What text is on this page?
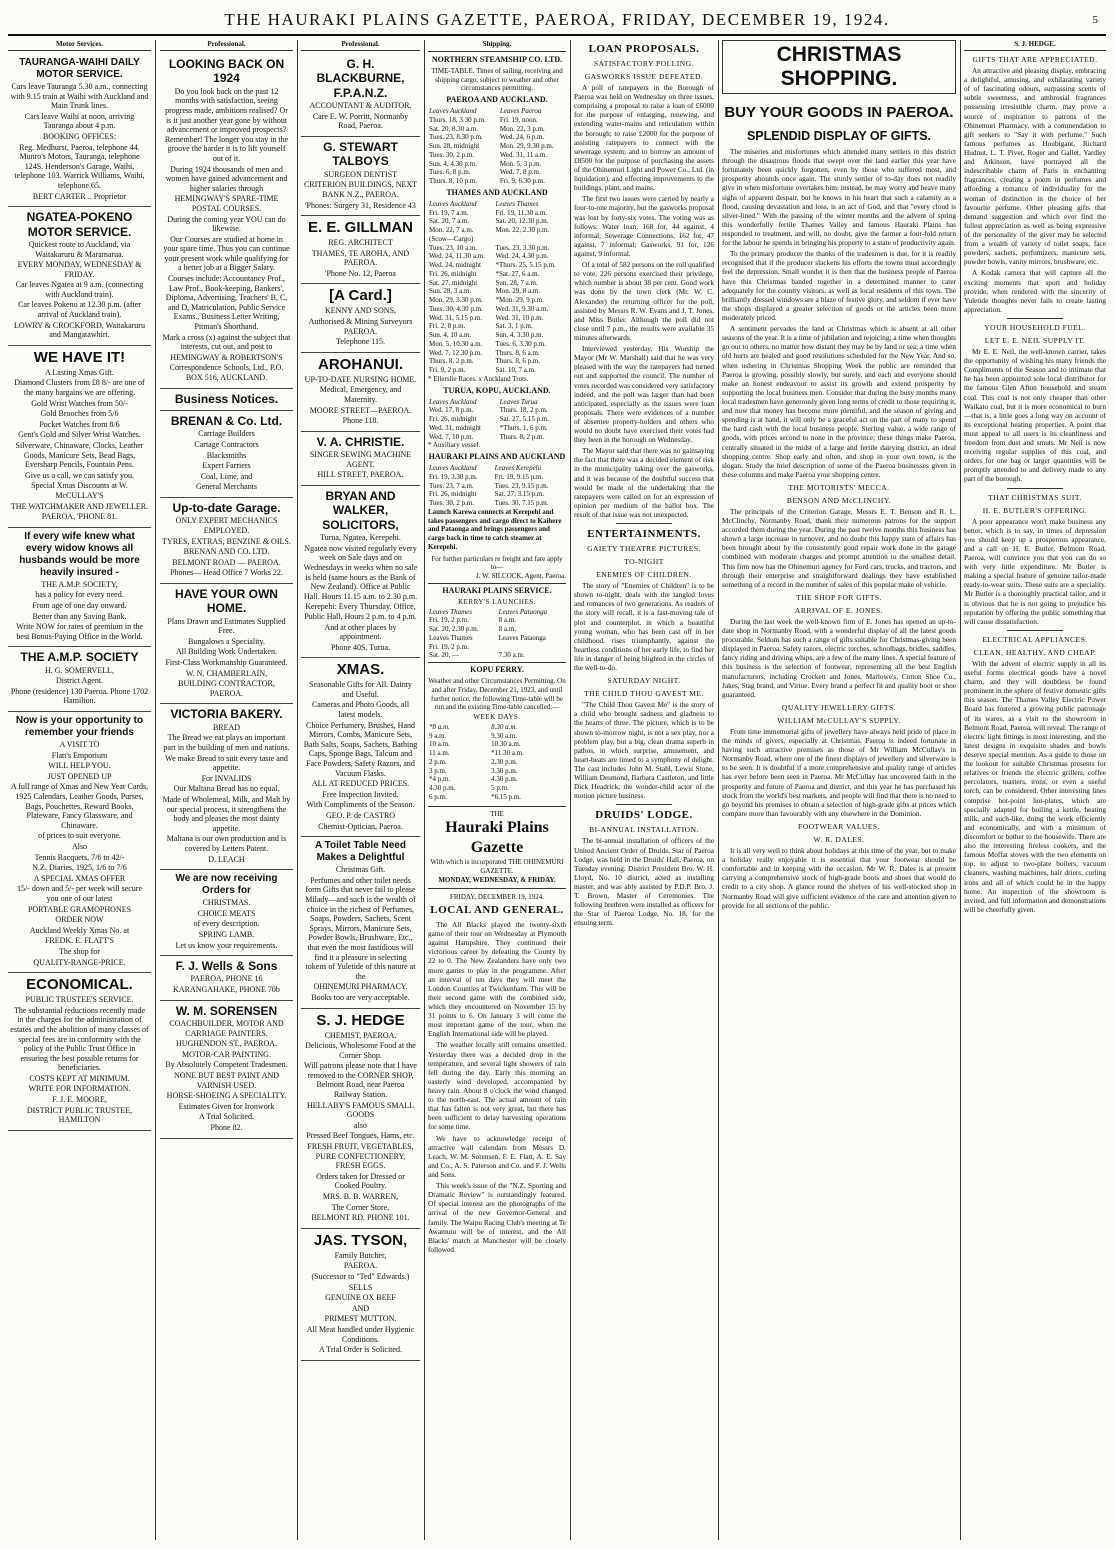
THE HAURAKI PLAINS GAZETTE, PAEROA, FRIDAY, DECEMBER 19, 1924.	5
Motor Services.
TAURANGA-WAIHI DAILY MOTOR SERVICE.

Cars leave Tauranga 5.30 a.m., connecting with 9.15 train at Waihi with Auckland and Main Trunk lines.

Cars leave Waihi at noon, arriving Tauranga about 4 p.m.

BOOKING OFFICES:

Reg. Medhurst, Paeroa, telephone 44. Munro's Motors, Tauranga, telephone 124S. Henderson's Garage, Waihi, telephone 103. Warrick Williams, Waihi, telephone 65.

BERT CARTER .. Proprietor

NGATEA-POKENO MOTOR SERVICE.

Quickest route to Auckland, via Waitakaruru & Maramarua.

EVERY MONDAY, WEDNESDAY & FRIDAY.

Car leaves Ngatea at 9 a.m. (connecting with Auckland train).

Car leaves Pokeno at 12.30 p.m. (after arrival of Auckland train).

LOWRY & CROCKFORD, Waitakaruru and Mangatawhiri.

WE HAVE IT!

A Lasting Xmas Gift.

Diamond Clusters from £8 8/- are one of the many bargains we are offering.

Gold Wrist Watches from 50/-

Gold Brooches from 5/6

Pocket Watches from 8/6

Gent's Gold and Silver Wrist Watches.

Silverware, Chinaware, Clocks, Leather Goods, Manicure Sets, Bead Bags, Eversharp Pencils, Fountain Pens.

Give us a call, we can satisfy you.

Special Xmas Discounts at W. McCULLAY'S

THE WATCHMAKER AND JEWELLER.

PAEROA, 'PHONE 81.

If every wife knew what every widow knows all husbands would be more heavily insured -

THE A.M.P. SOCIETY,

has a policy for every need.

From age of one day onward.

Better than any Saving Bank.

Write NOW for rates of premium in the best Bonus-Paying Office in the World.

THE A.M.P. SOCIETY

H. G. SOMERVELL,

District Agent.

Phone (residence) 130 Paeroa. Phone 1702 Hamilton.

Now is your opportunity to remember your friends

A VISIT TO

Flatt's Emporium

WILL HELP YOU.

JUST OPENED UP

A full range of Xmas and New Year Cards, 1925 Calendars, Leather Goods, Purses, Bags, Pouchettes, Reward Books, Plateware, Fancy Glassware, and Chinaware.

of prices to suit everyone.

Also

Tennis Racquets, 7/6 to 42/-

N.Z. Diaries, 1925, 1/6 to 7/6

A SPECIAL XMAS OFFER

15/- down and 5/- per week will secure you one of our latest

PORTABLE GRAMOPHONES

ORDER NOW

Auckland Weekly Xmas No. at

FREDK. E. FLATT'S

The shop for

QUALITY-RANGE-PRICE.

ECONOMICAL.

PUBLIC TRUSTEE'S SERVICE.

The substantial reductions recently made in the charges for the administration of estates and the abolition of many classes of special fees are in conformity with the policy of the Public Trust Office in ensuring the best possible returns for beneficiaries.

COSTS KEPT AT MINIMUM.

WRITE FOR INFORMATION.

F. J. E. MOORE,

DISTRICT PUBLIC TRUSTEE, HAMILTON

Professional.
LOOKING BACK ON 1924

Do you look back on the past 12 months with satisfaction, seeing progress made, ambitions realised? Or is it just another year gone by without advancement or improved prospects? Remember! The longer you stay in the groove the harder it is to lift yourself out of it.

During 1924 thousands of men and women have gained advancement and higher salaries through

HEMINGWAY'S SPARE-TIME POSTAL COURSES.

During the coming year YOU can do likewise.

Our Courses are studied at home in your spare time. Thus you can continue your present work while qualifying for a better job at a Bigger Salary.

Courses include: Accountancy Prof., Law Prof., Book-keeping, Bankers', Diploma, Advertising, Teachers' B, C, and D, Matriculation, Public Service Exams., Business Letter Writing, Pitman's Shorthand.

Mark a cross (x) against the subject that interests, cut out, and post to

HEMINGWAY & ROBERTSON'S

Correspondence Schools, Ltd., P.O. BOX 516, AUCKLAND.

Business Notices.
BRENAN & Co. Ltd.

Carriage Builders

Cartage Contractors

Blacksmiths

Expert Farriers

Coal, Lime, and

General Merchants

Up-to-date Garage.

ONLY EXPERT MECHANICS EMPLOYED.

TYRES, EXTRAS, BENZINE & OILS.

BRENAN AND CO. LTD.

BELMONT ROAD — PAEROA.

Phones— Head Office 7 Works 22.

HAVE YOUR OWN HOME.

Plans Drawn and Estimates Supplied Free.

Bungalows a Speciality.

All Building Work Undertaken.

First-Class Workmanship Guaranteed.

W. N. CHAMBERLAIN,

BUILDING CONTRACTOR, PAEROA.

VICTORIA BAKERY.

BREAD

The Bread we eat plays an important part in the building of men and nations.

We make Bread to suit every taste and appetite.

For INVALIDS

Our Maltana Bread has no equal.

Made of Wholemeal, Milk, and Malt by our special process, it strengthens the body and pleases the most dainty appetite.

Maltana is our own production and is covered by Letters Patent.

D. LEACH

We are now receiving Orders for

CHRISTMAS.

CHOICE MEATS

of every description.

SPRING LAMB.

Let us know your requirements.

F. J. Wells & Sons

PAEROA, PHONE 16

KARANGAHAKE, PHONE 70b

W. M. SORENSEN

COACHBUILDER, MOTOR AND CARRIAGE PAINTERS.

HUGHENDON ST., PAEROA.

MOTOR-CAR PAINTING.

By Absolutely Competent Tradesmen.

NONE BUT BEST PAINT AND VARNISH USED.

HORSE-SHOEING A SPECIALITY.

Estimates Given for Ironwork

A Trial Solicited.

Phone 82.

Professional.
G. H. BLACKBURNE, F.P.A.N.Z.

ACCOUNTANT & AUDITOR.

Care E. W. Porritt, Normanby Road, Paeroa.

G. STEWART TALBOYS

SURGEON DENTIST

CRITERION BUILDINGS, NEXT BANK N.Z., PAEROA.

'Phones: Surgery 31, Residence 43

E. E. GILLMAN

REG. ARCHITECT

THAMES, TE AROHA, AND PAEROA.

'Phone No. 12, Paeroa

[A Card.]

KENNY AND SONS,

Authorised & Mining Surveyors PAEROA.

Telephone 115.

AROHANUI.

UP-TO-DATE NURSING HOME.

Medical, Emergency, and Maternity.

MOORE STREET—PAEROA.

Phone 118.

V. A. CHRISTIE.

SINGER SEWING MACHINE AGENT.

HILL STREET, PAEROA.

BRYAN AND WALKER, SOLICITORS,

Turua, Ngatea, Kerepehi.

Ngatea now visited regularly every week on Sale days and on Wednesdays in weeks when no sale is held (same hours as the Bank of New Zealand). Office at Public Hall. Hours 11.15 a.m. to 2.30 p.m.

Kerepehi: Every Thursday. Office, Public Hall, Hours 2 p.m. to 4 p.m.

And at other places by appointment.

Phone 40S, Turua.

XMAS.

Seasonable Gifts for All. Dainty and Useful.

Cameras and Photo Goods, all latest models.

Choice Perfumery, Brushes, Hand Mirrors, Combs, Manicure Sets, Bath Salts, Soaps, Sachets, Bathing Caps, Sponge Bags, Talcum and Face Powders, Safety Razors, and Vacuum Flasks.

ALL AT REDUCED PRICES.

Free Inspection Invited.

With Compliments of the Season.

GEO. P. de CASTRO

Chemist-Optician, Paeroa.

A Toilet Table Need Makes a Delightful

Christmas Gift.

Perfumes and other toilet needs form Gifts that never fail to please Milady—and such is the wealth of choice in the richest of Perfumes, Soaps, Powders, Sachets, Scent Sprays, Mirrors, Manicure Sets, Powder Bowls, Brushware, Etc., that even the most fastidious will find it a pleasure in selecting tokens of Yuletide of this nature at the

OHINEMURI PHARMACY.

Books too are very acceptable.

S. J. HEDGE

CHEMIST, PAEROA.

Delicious, Wholesome Food at the Corner Shop.

Will patrons please note that I have removed to the CORNER SHOP, Belmont Road, near Paeroa Railway Station.

HELLABY'S FAMOUS SMALL GOODS

also

Pressed Beef Tongues, Hams, etc.

FRESH FRUIT, VEGETABLES, PURE CONFECTIONERY, FRESH EGGS.

Orders taken for Dressed or Cooked Poultry.

MRS. B. B. WARREN,

The Corner Store,

BELMONT RD. PHONE 101.

JAS. TYSON,

Family Butcher,

PAEROA.

(Successor to "Ted" Edwards.)

SELLS

GENUINE OX BEEF

AND

PRIMEST MUTTON.

All Meat handled under Hygienic Conditions.

A Trial Order is Solicited.

Shipping.
NORTHERN STEAMSHIP CO. LTD.
TIME-TABLE. Times of sailing, receiving and shipping cargo, subject to weather and other circumstances permitting.
PAEROA AND AUCKLAND.
Leaves Auckland	Leaves Paeroa
Thurs. 18, 3.30 p.m.	Fri. 19, noon.
Sat. 20, 8.30 a.m.	Mon. 22, 3 p.m.
Tues. 23, 8.30 p.m.	Wed. 24, 6 p.m.
Sun. 28, midnight	Mon. 29, 9.30 p.m.
Tues. 30, 2 p.m.	Wed. 31, 11 a.m.
Sun. 4, 4.30 p.m.	Mon. 5, 3 p.m.
Tues. 6, 8 p.m.	Wed. 7, 8 p.m.
Thurs. 8, 10 p.m.	Fri. 9, 6.30 p.m.
THAMES AND AUCKLAND
Leaves Auckland	Leaves Thames
Fri. 19, 7 a.m.	Fri. 19, 11.30 a.m.
Sat. 20, 7 a.m.	Sat. 20, 12.30 p.m.
Mon. 22, 7 a.m.	Mon. 22, 2.30 p.m.
(Scow—Cargo)	
Tues. 23, 10 a.m.	Tues. 23, 3.30 p.m.
Wed. 24, 11.30 a.m.	Wed. 24, 4.30 p.m.
Wed. 24, midnight	*Thurs. 25, 5.15 p.m.
Fri. 26, midnight	*Sat. 27, 6 a.m.
Sat. 27, midnight	Sun. 28, 7 a.m.
Sun. 28, 3 a.m.	Mon. 29, 8 a.m.
Mon. 29, 3.30 p.m.	*Mon. 29, 9 p.m.
Tues. 30, 4.30 p.m.	Wed. 31, 9.30 a.m.
Wed. 31, 5.15 p.m.	Wed. 31, 10 p.m.
Fri. 2, 8 p.m.	Sat. 3, 1 p.m.
Sun. 4, 10 a.m.	Sun. 4, 3.30 p.m.
Mon. 5, 10.30 a.m.	Tues. 6, 3.30 p.m.
Wed. 7, 12.30 p.m.	Thurs. 8, 6 a.m.
Thurs. 8, 2 p.m.	Thurs. 8, 6 p.m.
Fri. 9, 2 p.m.	Sat. 10, 7 a.m.
* Ellerslie Races. x Auckland Trots.
TURUA, KOPU, AUCKLAND.
Leaves Auckland	Leaves Turua
Wed. 17, 8 p.m.	Thurs. 18, 2 p.m.
Fri. 26, midnight	Sat. 27, 5.15 p.m.
Wed. 31, midnight	*Thurs. 1, 6 p.m.
Wed. 7, 10 p.m.	Thurs. 8, 2 p.m.
* Auxiliary vessel.
HAURAKI PLAINS AND AUCKLAND
Leaves Auckland	Leaves Kerepehi
Fri. 19, 3.30 p.m.	Fri. 19, 9.15 p.m.
Tues. 23, 7 a.m.	Tues. 23, 9.15 p.m.
Fri. 26, midnight	Sat. 27, 3.15 p.m.
Tues. 30, 2 p.m.	Tues. 30, 7.15 p.m.
Launch Karewa connects at Kerepehi and takes passengers and cargo direct to Kaihere and Pataonga and brings passengers and cargo back in time to catch steamer at Kerepehi.
For further particulars re freight and fare apply to—
J. W. SILCOCK, Agent, Paeroa.
HAURAKI PLAINS SERVICE.
KERRY'S LAUNCHES.
Leaves Thames	Leaves Pataonga
Fri. 19, 2 p.m.	8 a.m.
Sat. 20, 2.30 p.m.	8 a.m.
Leaves Thames	Leaves Pataonga
Fri. 19, 2 p.m.	
Sat. 20, —	7.30 a.m.
KOPU FERRY.
Weather and other Circumstances Permitting. On and after Friday, December 21, 1923, and until further notice, the following Time-table will be run and the existing Time-table cancelled:—
WEEK DAYS.
*8 a.m.	8.30 a.m.
9 a.m.	9.30 a.m.
10 a.m.	10.30 a.m.
11 a.m.	*11.30 a.m.
2 p.m.	2.30 p.m.
3 p.m.	3.30 p.m.
*4 p.m.	4.30 p.m.
4.30 p.m.	5 p.m.
6 p.m.	*6.15 p.m.
THE
Hauraki Plains Gazette
With which is incorporated THE OHINEMURI GAZETTE.
MONDAY, WEDNESDAY, & FRIDAY.
FRIDAY, DECEMBER 19, 1924.
LOCAL AND GENERAL.

The All Blacks played the twenty-sixth game of their tour on Wednesday at Plymouth against Hampshire. They continued their victorious career by defeating the County by 22 to 0. The New Zealanders have only two more games to play in the programme. After an interval of ten days they will meet the London Counties at Twickenham. This will be their second game with the combined side, which they encountered on November 15 by 31 points to 6. On January 3 will come the most important game of the tour, when the English International side will be played.

The weather locally still remains unsettled. Yesterday there was a decided drop in the temperature, and several light showers of rain fell during the day. Early this morning an easterly wind developed, accompanied by heavy rain. About 8 o'clock the wind changed to the north-east. The actual amount of rain that has fallen is not very great, but there has been sufficient to delay harvesting operations for some time.

We have to acknowledge receipt of attractive wall calendars from Messrs D. Leach, W. M. Sorensen, F. E. Flatt, A. E. Say and Co., A. S. Paterson and Co. and F. J. Wells and Sons.

This week's issue of the "N.Z. Sporting and Dramatic Review" is outstandingly featured. Of special interest are the photographs of the arrival of the new Governor-General and family. The Waipu Racing Club's meeting at Te Awamutu will be of interest, and the All Blacks' match at Manchester will be closely followed.

LOAN PROPOSALS.
SATISFACTORY POLLING.
GASWORKS ISSUE DEFEATED.

A poll of ratepayers in the Borough of Paeroa was held on Wednesday on three issues, comprising a proposal to raise a loan of £6000 for the purpose of enlarging, renewing, and extending water-mains and reticulation within the borough; to raise £2000 for the purpose of assisting ratepayers to connect with the sewerage system; and to borrow an amount of £8500 for the purpose of purchasing the assets of the Ohinemuri Light and Power Co., Ltd. (in liquidation), and effecting improvements to the buildings, plant, and mains.

The first two issues were carried by nearly a four-to-one majority, but the gasworks proposal was lost by forty-six votes. The voting was as follows: Water loan, 168 for, 44 against, 4 informal; Sewerage Connections, 162 for, 47 against, 7 informal; Gasworks, 91 for, 126 against, 9 informal.

Of a total of 582 persons on the roll qualified to vote, 226 persons exercised their privilege, which number is about 38 per cent. Good work was done by the town clerk (Mr. W. C. Alexander) the returning officer for the poll, assisted by Messrs R. W. Evans and J. T. Jones, and Miss Butler. Although the poll did not close until 7 p.m., the results were available 35 minutes afterwards.

Interviewed yesterday, His Worship the Mayor (Mr W. Marshall) said that he was very pleased with the way the ratepayers had turned out and supported the council. The number of votes recorded was considered very satisfactory indeed, and the poll was larger than had been anticipated, especially as the issues were loan proposals. There were evidences of a number of absentee property-holders and others who would no doubt have exercised their votes had they been in the borough on Wednesday.

The Mayor said that there was no gainsaying the fact that there was a decided element of risk in the municipality taking over the gasworks, and it was because of the doubtful success that would be made of the undertaking that the ratepayers were called on for an expression of opinion per medium of the ballot box. The result of that issue was not unexpected.

ENTERTAINMENTS.
GAIETY THEATRE PICTURES.
TO-NIGHT
ENEMIES OF CHILDREN.

The story of "Enemies of Children" is to be shown to-night, deals with the tangled loves and romances of two generations. As readers of the story will recall, it is a fast-moving tale of plot and counterplot, in which a beautiful young woman, who has been cast off in her childhood, rises triumphantly, against the heartless conditions of her early life, to find her life in danger of being blighted in the circles of the well-to-do.

SATURDAY NIGHT.
THE CHILD THOU GAVEST ME.

"The Child Thou Gavest Me" is the story of a child who brought sadness and gladness to the hearts of three. The picture, which is to be shown to-morrow night, is not a sex play, nor a problem play, but a big, clean drama superb in pathos, in which surprise, amusement, and heart-beats are timed to a symphony of delight. The cast includes John M. Stahl, Lewis Stone, William Desmond, Barbara Castleton, and little Dick Headrick, the wonder-child actor of the motion picture business.

DRUIDS' LODGE.
BI-ANNUAL INSTALLATION.

The bi-annual installation of officers of the United Ancient Order of Druids, Star of Paeroa Lodge, was held in the Druids' Hall, Paeroa, on Tuesday evening. District President Bro. W. H. Lloyd, No. 10 district, acted as installing master, and was ably assisted by P.D.P. Bro. J. T. Brown, Master of Ceremonies. The following brethren were installed as officers for the Star of Paeroa Lodge, No. 18, for the ensuing term.

CHRISTMAS SHOPPING.
BUY YOUR GOODS IN PAEROA.
SPLENDID DISPLAY OF GIFTS.

The miseries and misfortunes which attended many settlers in this district through the disastrous floods that swept over the land earlier this year have fortunately been quickly forgotten, even by those who suffered most, and prosperity abounds once again. The sturdy settler of to-day does not readily give in when misfortune overtakes him: instead, he may worry and heave many sighs of apparent despair, but he knows in his heart that such a calamity as a flood, causing devastation and loss, is an act of God, and that "every cloud is silver-lined." With the passing of the winter months and the advent of spring this wonderfully fertile Thames Valley and famous Hauraki Plains has responded to treatment, and will, no doubt, give the farmer a four-fold return for the labour he spends in bringing his property to a state of productivity again.

To the primary producer the thanks of the tradesmen is due, for it is readily recognised that if the producer slackens his efforts the towns must accordingly feel the depression. Small wonder it is then that the business people of Paeroa have this Christmas banded together in a determined manner to cater adequately for the country visitors, as well as local residents of this town. The brilliantly dressed windows are a blaze of festive glory, and seldom if ever have the shops displayed a greater selection of goods or the articles been more moderately priced.

A sentiment pervades the land at Christmas which is absent at all other seasons of the year. It is a time of jubilation and rejoicing; a time when thoughts go out to others, no matter how distant they may be by land or sea; a time when old hurts are healed and good resolutions scheduled for the New Year. And so, when ushering in Christmas Shopping Week the public are reminded that Paeroa is growing, possibly slowly, but surely, and each and everyone should make an honest endeavour to assist its growth and extend prosperity by supporting the local business men. Consider that during the busy months many local tradesmen have generously given long terms of credit to those requiring it, and now that money has become more plentiful, and the season of giving and spending is at hand, it will only be a graceful act on the part of many to spend the hard cash with the local business people. Sterling value, a wide range of goods, with prices second to none in the province; these things make Paeroa, centrally situated in the midst of a large and fertile dairying district, an ideal shopping centre. Shop early and often, and shop in your own town, is the slogan. Study the brief description of some of the Paeroa businesses given in these columns and make Paeroa your shopping centre.

THE MOTORISTS' MECCA.
BENSON AND McCLINCHY.

The principals of the Criterion Garage, Messrs E. T. Benson and R. L. McClinchy, Normanby Road, thank their numerous patrons for the support accorded them during the year. During the past twelve months this business has shown a large increase in turnover, and no doubt this happy state of affairs has been brought about by the consistently good repair work done in the garage combined with moderate charges and prompt attention to the smallest detail. This firm now has the Ohinemuri agency for Ford cars, trucks, and tractors, and through their enterprise and straightforward dealings they have established something of a record in the number of sales of this popular make of vehicle.

THE SHOP FOR GIFTS.
ARRIVAL OF E. JONES.

During the last week the well-known firm of E. Jones has opened an up-to-date shop in Normanby Road, with a wonderful display of all the latest goods procurable. Seldom has such a range of gifts suitable for Christmas-giving been displayed in Paeroa. Safety razors, electric torches, schoolbags, bridles, saddles, fancy riding and driving whips, are a few of the many lines. A special feature of this business is the selection of footwear, representing all the best English manufacturers, including Crockett and Jones, Marlowe's, Cotton Shoe Co., Jakes, Stag brand, and Virtue. Every brand a perfect fit and quality boot or shoe guaranteed.

QUALITY JEWELLERY GIFTS.
WILLIAM McCULLAY'S SUPPLY.

From time immemorial gifts of jewellery have always held pride of place in the minds of givers, especially at Christmas. Paeroa is indeed fortunate in having such attractive premises as those of Mr William McCullay's in Normanby Road, where one of the finest displays of jewellery and silverware is to be seen. It is doubtful if a more comprehensive and quality range of articles has ever before been seen in Paeroa. Mr McCullay has uncovered faith in the prosperity and future of Paeroa and district, and this year he has purchased his stock from the world's best markets, and people will find that there is no need to go beyond his premises to obtain a selection of high-grade gifts at prices which compare more than favourably with any elsewhere in the Dominion.

FOOTWEAR VALUES.
W. R. DALES.

It is all very well to think about holidays at this time of the year, but to make a holiday really enjoyable it is essential that your footwear should be comfortable and in keeping with the occasion. Mr W. R. Dales is at present carrying a comprehensive stock of high-grade boots and shoes that would do credit to a city shop. A glance round the shelves of his well-stocked shop in Normanby Road will give sufficient evidence of the care and attention given to provide for all sections of the public.

S. J. HEDGE.
GIFTS THAT ARE APPRECIATED.

An attractive and pleasing display, embracing a delightful, amusing, and exhilarating variety of of fascinating odours, surpassing scents of subtle sweetness, and ambrosial fragrances possessing irresistible charm, may prove a source of inspiration to patrons of the Ohinemuri Pharmacy, with a commendation to gift seekers to "Say it with perfume." Such famous perfumes as Houbigant, Richard Hudnut, L. T. Piver, Roger and Gallet, Yardley and Atkinson, have portrayed all the indescribable charm of Paris in enchanting fragrances, creating a poem in perfumes and affording a romance of individuality for the woman of distinction in the choice of her favourite perfume. Other pleasing gifts that demand suggestion and which ever find the fullest appreciation as well as being expressive of the personality of the giver may be selected from a wealth of variety of toilet soaps, face powders, sachets, perfumizers, manicure sets, powder bowls, vanity mirrors, brushware, etc.

A Kodak camera that will capture all the exciting moments that sport and holiday provide, when rendered with the sincerity of Yuletide thoughts never fails to create lasting appreciation.

YOUR HOUSEHOLD FUEL.
LET E. E. NEIL SUPPLY IT.

Mr E. E. Neil, the well-known carrier, takes the opportunity of wishing his many friends the Compliments of the Season and to intimate that he has been appointed sole local distributor for the famous Glen Afton household and steam coal. This coal is not only cheaper than other Waikato coal, but it is more economical to burn—that is, a little goes a long way on account of its exceptional heating properties. A point that must appeal to all users is its cleanliness and freedom from dust and smuts. Mr Neil is now receiving regular supplies of this coal, and orders for one bag or larger quantities will be promptly attended to and delivery made to any part of the borough.

THAT CHRISTMAS SUIT.
H. E. BUTLER'S OFFERING.

A poor appearance won't make business any better, which is to say, in times of depression you should keep up a prosperous appearance, and a call on H. E. Butler, Belmont Road, Paeroa, will convince you that you can do so with very little expenditure. Mr Butler is making a special feature of genuine tailor-made ready-to-wear suits. These suits are a speciality. Mr Butler is a thoroughly practical tailor, and it is obvious that he is not going to prejudice his reputation by offering the public something that will cause dissatisfaction.

ELECTRICAL APPLIANCES.
CLEAN, HEALTHY, AND CHEAP.

With the advent of electric supply in all its useful forms electrical goods have a novel charm, and they will doubtless be found prominent in the sphere of festive domestic gifts this season. The Thames Valley Electric Power Board has fostered a growing public patronage of its wares, as a visit to the showroom in Belmont Road, Paeroa, will reveal. The range of electric light fittings is most interesting, and the latest designs in exquisite shades and bowls deserve special mention. As a guide to those on the lookout for suitable Christmas presents for relatives or friends the electric grillers, coffee percolators, toasters, irons, or even a useful torch, can be considered. Other interesting lines comprise hot-point hot-plates, which are specially adapted for boiling a kettle, heating milk, and such-like, doing the work efficiently and economically, and with a minimum of discomfort or bother to the housewife. There are also the interesting fireless cookers, and the famous Moffat stoves with the two elements on top, to adjust to two-plate boilers, vacuum cleaners, washing machines, hair driers, curling irons and all of which could be in the happy home. An inspection of the showroom is invited, and full information and demonstrations will be cheerfully given.
